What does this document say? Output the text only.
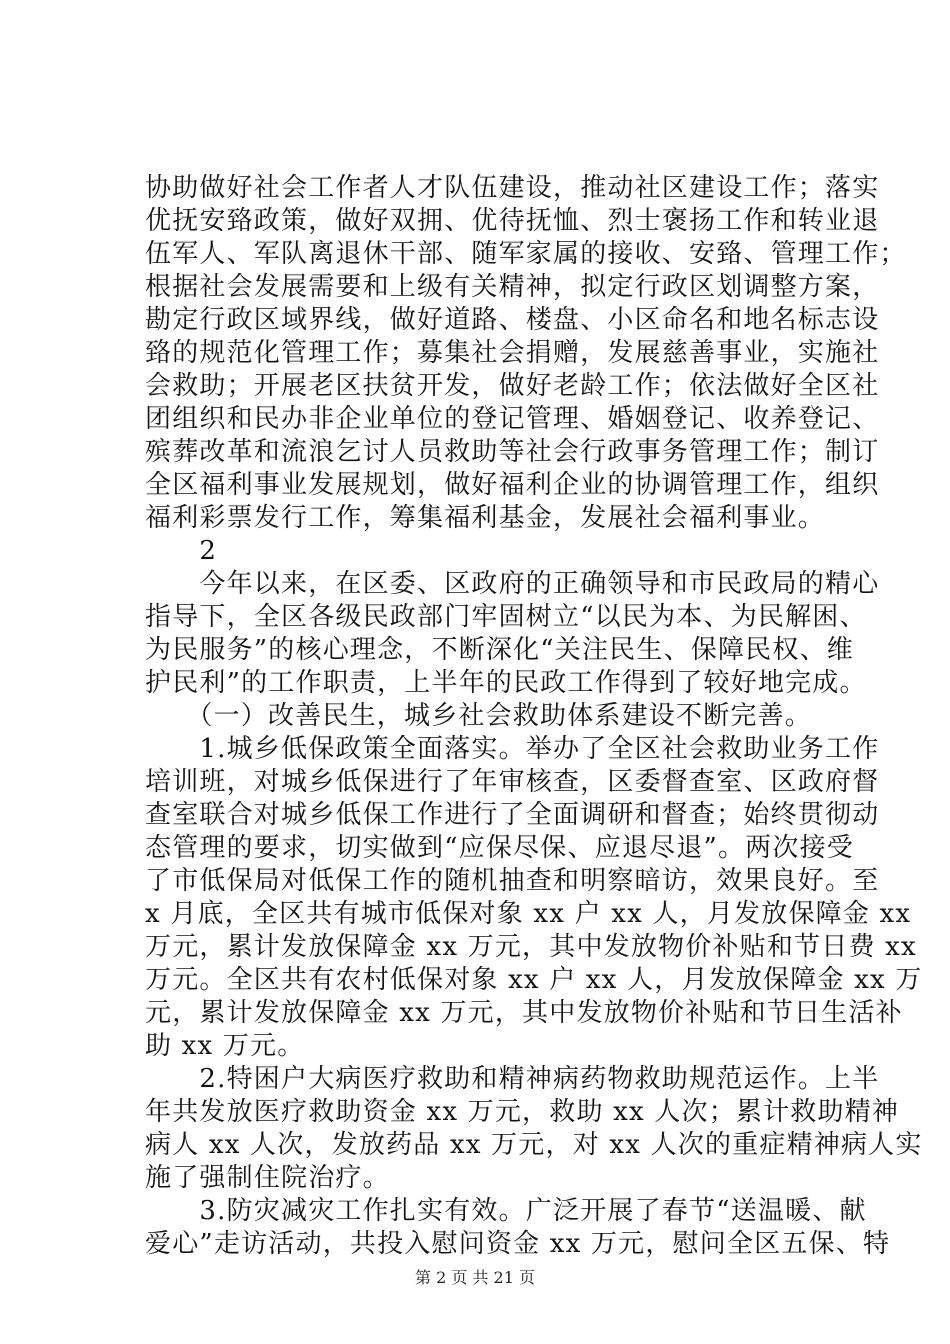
协助做好社会工作者人才队伍建设，推动社区建设工作；落实
优抚安臵政策，做好双拥、优待抚恤、烈士褒扬工作和转业退
伍军人、军队离退休干部、随军家属的接收、安臵、管理工作；
根据社会发展需要和上级有关精神，拟定行政区划调整方案，
勘定行政区域界线，做好道路、楼盘、小区命名和地名标志设
臵的规范化管理工作；募集社会捐赠，发展慈善事业，实施社
会救助；开展老区扶贫开发，做好老龄工作；依法做好全区社
团组织和民办非企业单位的登记管理、婚姻登记、收养登记、
殡葬改革和流浪乞讨人员救助等社会行政事务管理工作；制订
全区福利事业发展规划，做好福利企业的协调管理工作，组织
福利彩票发行工作，筹集福利基金，发展社会福利事业。
　　2
　　今年以来，在区委、区政府的正确领导和市民政局的精心
指导下，全区各级民政部门牢固树立“以民为本、为民解困、
为民服务”的核心理念，不断深化“关注民生、保障民权、维
护民利”的工作职责，上半年的民政工作得到了较好地完成。
　　（一）改善民生，城乡社会救助体系建设不断完善。
　　1.城乡低保政策全面落实。举办了全区社会救助业务工作
培训班，对城乡低保进行了年审核查，区委督查室、区政府督
查室联合对城乡低保工作进行了全面调研和督查；始终贯彻动
态管理的要求，切实做到“应保尽保、应退尽退”。两次接受
了市低保局对低保工作的随机抽查和明察暗访，效果良好。至
x 月底，全区共有城市低保对象 xx 户 xx 人，月发放保障金 xx
万元，累计发放保障金 xx 万元，其中发放物价补贴和节日费 xx
万元。全区共有农村低保对象 xx 户 xx 人，月发放保障金 xx 万
元，累计发放保障金 xx 万元，其中发放物价补贴和节日生活补
助 xx 万元。
　　2.特困户大病医疗救助和精神病药物救助规范运作。上半
年共发放医疗救助资金 xx 万元，救助 xx 人次；累计救助精神
病人 xx 人次，发放药品 xx 万元，对 xx 人次的重症精神病人实
施了强制住院治疗。
　　3.防灾减灾工作扎实有效。广泛开展了春节“送温暖、献
爱心”走访活动，共投入慰问资金 xx 万元，慰问全区五保、特
第 2 页 共 21 页
